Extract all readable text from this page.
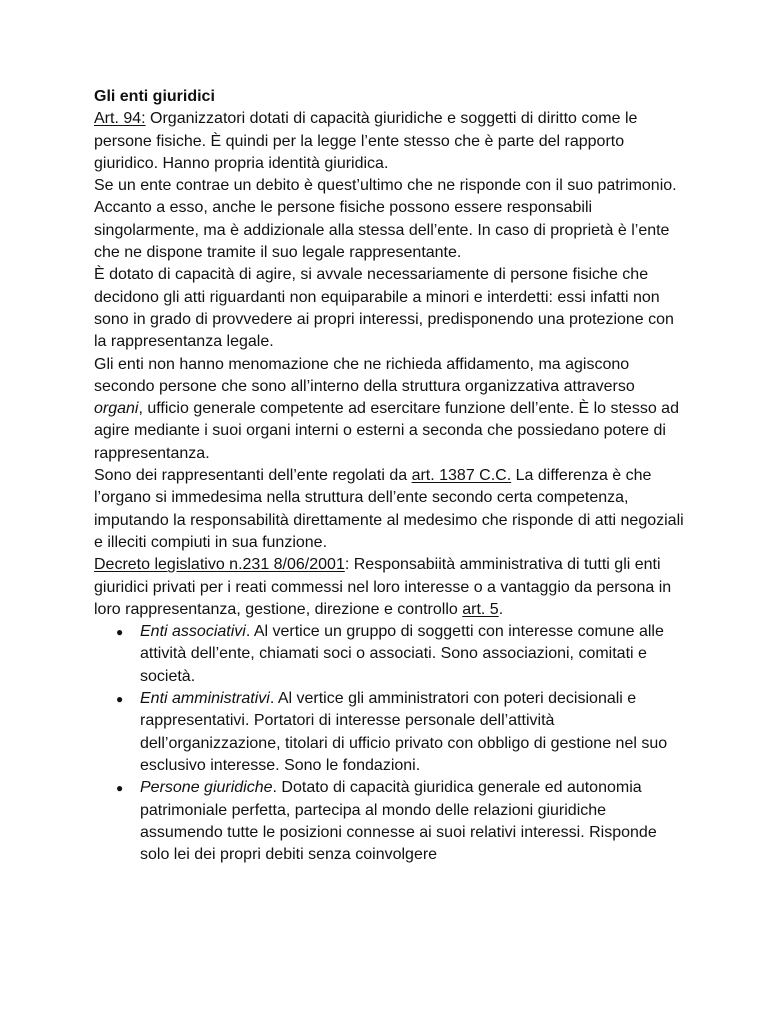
Gli enti giuridici

Art. 94: Organizzatori dotati di capacità giuridiche e soggetti di diritto come le persone fisiche. È quindi per la legge l’ente stesso che è parte del rapporto giuridico. Hanno propria identità giuridica.

Se un ente contrae un debito è quest’ultimo che ne risponde con il suo patrimonio. Accanto a esso, anche le persone fisiche possono essere responsabili singolarmente, ma è addizionale alla stessa dell’ente. In caso di proprietà è l’ente che ne dispone tramite il suo legale rappresentante.

È dotato di capacità di agire, si avvale necessariamente di persone fisiche che decidono gli atti riguardanti non equiparabile a minori e interdetti: essi infatti non sono in grado di provvedere ai propri interessi, predisponendo una protezione con la rappresentanza legale.

Gli enti non hanno menomazione che ne richieda affidamento, ma agiscono secondo persone che sono all’interno della struttura organizzativa attraverso organi, ufficio generale competente ad esercitare funzione dell’ente. È lo stesso ad agire mediante i suoi organi interni o esterni a seconda che possiedano potere di rappresentanza.

Sono dei rappresentanti dell’ente regolati da art. 1387 C.C. La differenza è che l’organo si immedesima nella struttura dell’ente secondo certa competenza, imputando la responsabilità direttamente al medesimo che risponde di atti negoziali e illeciti compiuti in sua funzione.

Decreto legislativo n.231 8/06/2001: Responsabiità amministrativa di tutti gli enti giuridici privati per i reati commessi nel loro interesse o a vantaggio da persona in loro rappresentanza, gestione, direzione e controllo art. 5.

● Enti associativi. Al vertice un gruppo di soggetti con interesse comune alle attività dell’ente, chiamati soci o associati. Sono associazioni, comitati e società.
● Enti amministrativi. Al vertice gli amministratori con poteri decisionali e rappresentativi. Portatori di interesse personale dell’attività dell’organizzazione, titolari di ufficio privato con obbligo di gestione nel suo esclusivo interesse. Sono le fondazioni.
● Persone giuridiche. Dotato di capacità giuridica generale ed autonomia patrimoniale perfetta, partecipa al mondo delle relazioni giuridiche assumendo tutte le posizioni connesse ai suoi relativi interessi. Risponde solo lei dei propri debiti senza coinvolgere
